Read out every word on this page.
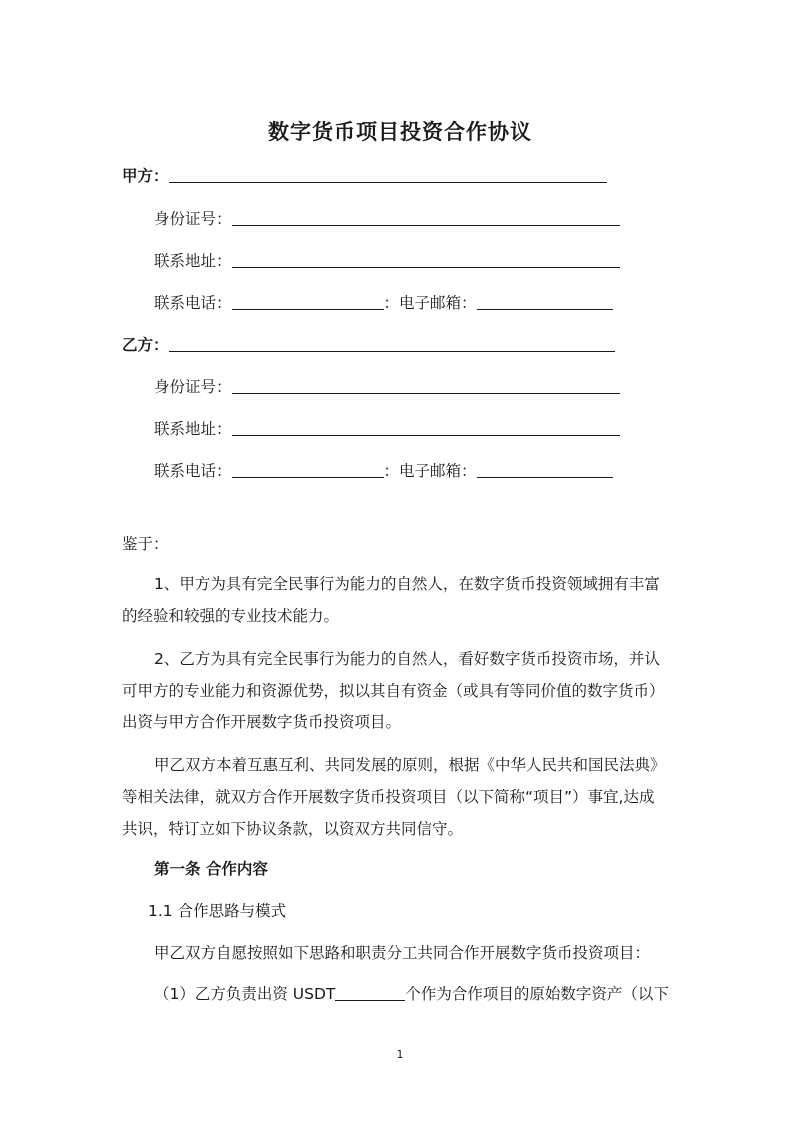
数字货币项目投资合作协议
甲方：
身份证号：
联系地址：
联系电话：	：电子邮箱：
乙方：
身份证号：
联系地址：
联系电话：	：电子邮箱：
鉴于：
1、甲方为具有完全民事行为能力的自然人，在数字货币投资领域拥有丰富
的经验和较强的专业技术能力。
2、乙方为具有完全民事行为能力的自然人，看好数字货币投资市场，并认
可甲方的专业能力和资源优势，拟以其自有资金（或具有等同价值的数字货币）
出资与甲方合作开展数字货币投资项目。
甲乙双方本着互惠互利、共同发展的原则，根据《中华人民共和国民法典》
等相关法律，就双方合作开展数字货币投资项目（以下简称“项目”）事宜,达成
共识，特订立如下协议条款，以资双方共同信守。
第一条 合作内容
1.1 合作思路与模式
甲乙双方自愿按照如下思路和职责分工共同合作开展数字货币投资项目：
（1）乙方负责出资 USDT	个作为合作项目的原始数字资产（以下
1
